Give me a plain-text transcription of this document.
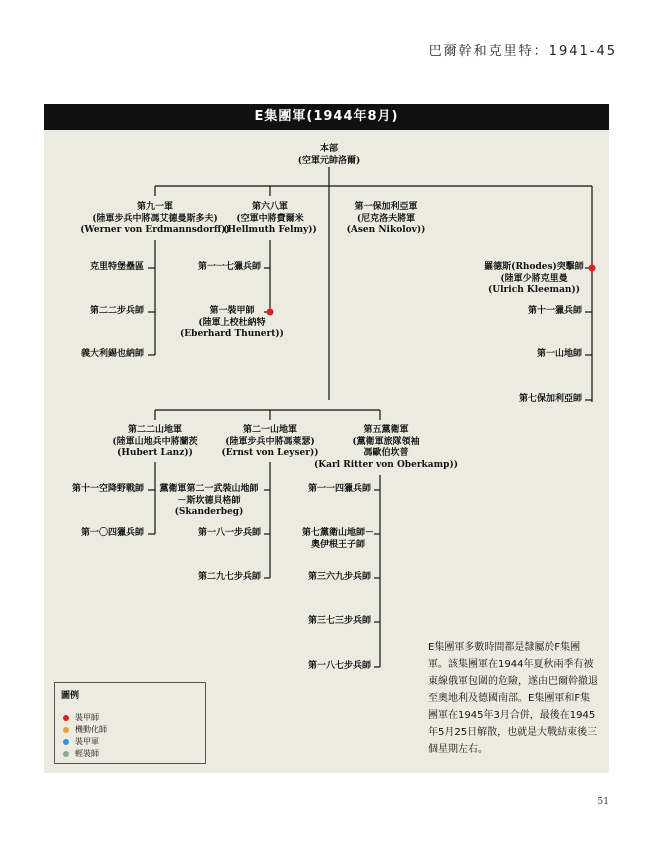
巴爾幹和克里特：1941-45
E集團軍(1944年8月)
本部
(空軍元帥洛爾)
第九一軍
(陸軍步兵中將馮艾德曼斯多夫)
(Werner von Erdmannsdorff))
第六八軍
(空軍中將費爾米
(Hellmuth Felmy))
第一保加利亞軍
(尼克洛夫將軍
(Asen Nikolov))
克里特堡壘區
第二二步兵師
義大利錫也納師
第一一七獵兵師
第一裝甲師
(陸軍上校杜納特
(Eberhard Thunert))
羅德斯(Rhodes)突擊師
(陸軍少將克里曼
(Ulrich Kleeman))
第十一獵兵師
第一山地師
第七保加利亞師
第二二山地軍
(陸軍山地兵中將蘭茨
(Hubert Lanz))
第二一山地軍
(陸軍步兵中將馮萊瑟)
(Ernst von Leyser))
第五黨衛軍
(黨衛軍旅隊領袖
馮歐伯坎普
(Karl Ritter von Oberkamp))
第十一空降野戰師
第一〇四獵兵師
黨衛軍第二一武裝山地師
－斯坎德貝格師
(Skanderbeg)
第一八一步兵師
第二九七步兵師
第一一四獵兵師
第七黨衛山地師－
奧伊根王子師
第三六九步兵師
第三七三步兵師
第一八七步兵師
圖例
裝甲師
機動化師
裝甲軍
輕裝師
E集團軍多數時間都是隸屬於F集團軍。該集團軍在1944年夏秋兩季有被東線俄軍包圍的危險，遂由巴爾幹撤退至奧地利及德國南部。E集團軍和F集團軍在1945年3月合併，最後在1945年5月25日解散，也就是大戰結束後三個星期左右。
51
